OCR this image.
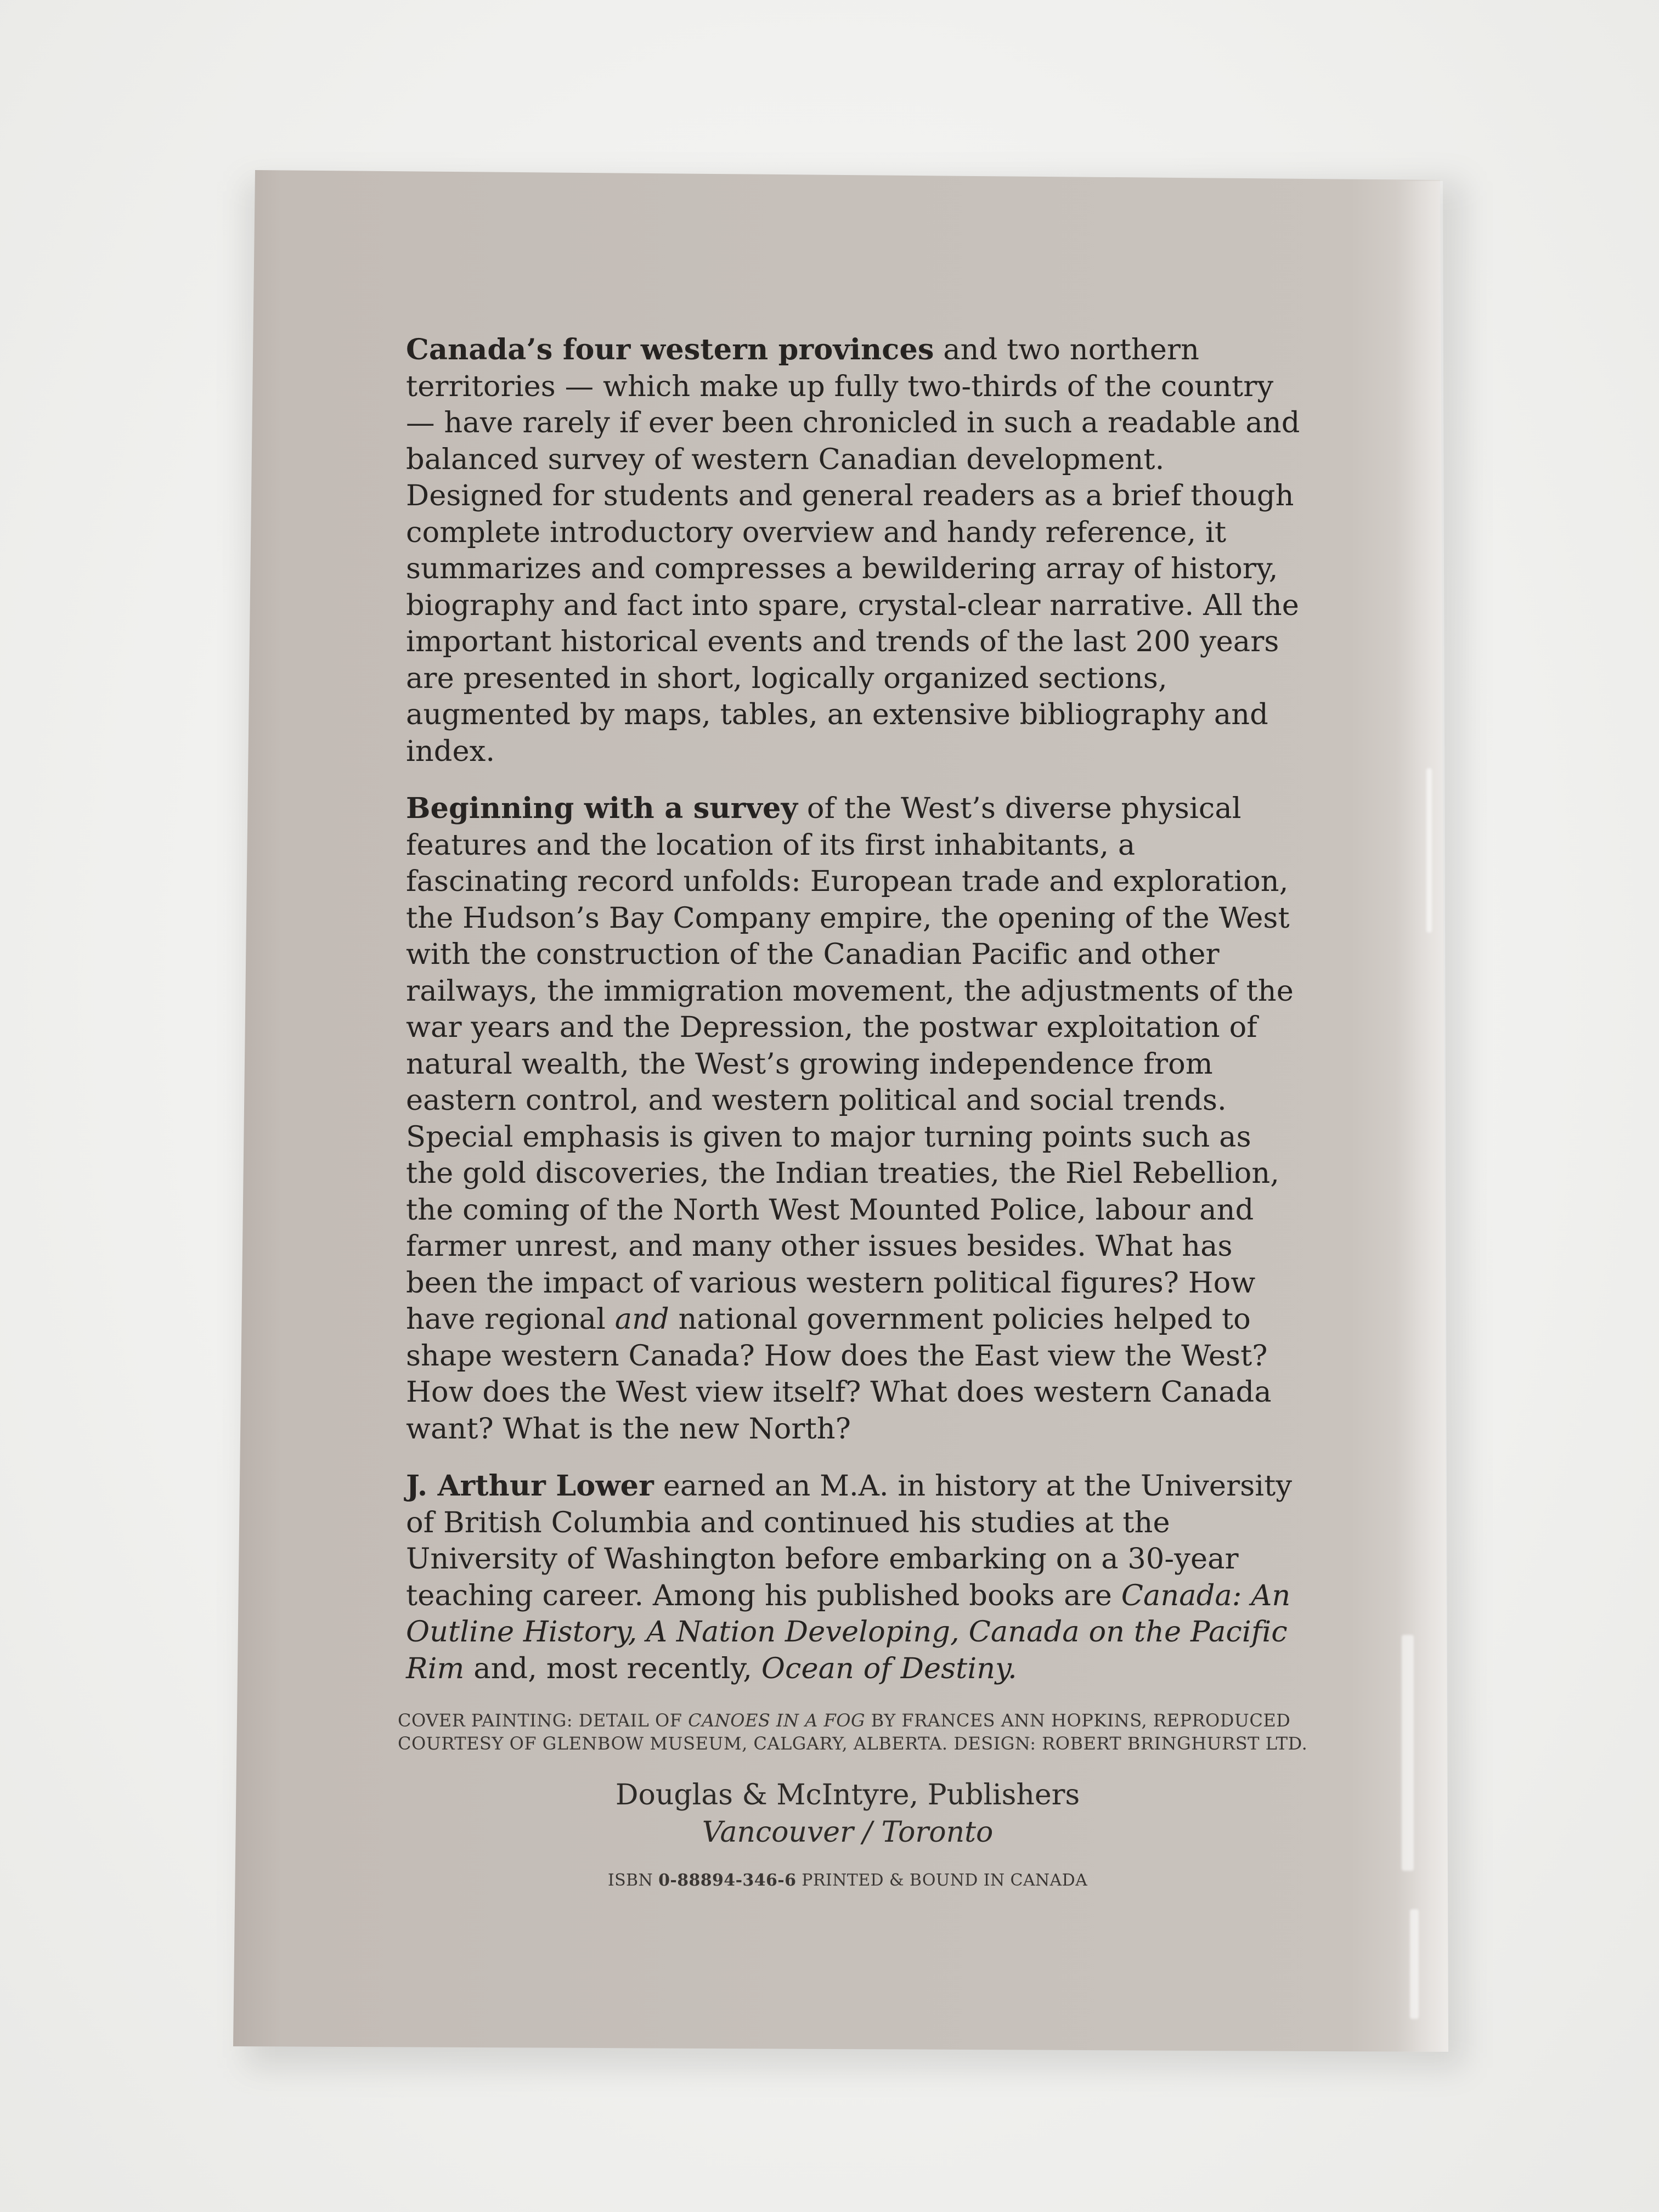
Canada’s four western provinces and two northern territories — which make up fully two-thirds of the country — have rarely if ever been chronicled in such a readable and balanced survey of western Canadian development. Designed for students and general readers as a brief though complete introductory overview and handy reference, it summarizes and compresses a bewildering array of history, biography and fact into spare, crystal-clear narrative. All the important historical events and trends of the last 200 years are presented in short, logically organized sections, augmented by maps, tables, an extensive bibliography and index.

Beginning with a survey of the West’s diverse physical features and the location of its first inhabitants, a fascinating record unfolds: European trade and exploration, the Hudson’s Bay Company empire, the opening of the West with the construction of the Canadian Pacific and other railways, the immigration movement, the adjustments of the war years and the Depression, the postwar exploitation of natural wealth, the West’s growing independence from eastern control, and western political and social trends. Special emphasis is given to major turning points such as the gold discoveries, the Indian treaties, the Riel Rebellion, the coming of the North West Mounted Police, labour and farmer unrest, and many other issues besides. What has been the impact of various western political figures? How have regional and national government policies helped to shape western Canada? How does the East view the West? How does the West view itself? What does western Canada want? What is the new North?

J. Arthur Lower earned an M.A. in history at the University of British Columbia and continued his studies at the University of Washington before embarking on a 30-year teaching career. Among his published books are Canada: An Outline History, A Nation Developing, Canada on the Pacific Rim and, most recently, Ocean of Destiny.

COVER PAINTING: DETAIL OF CANOES IN A FOG BY FRANCES ANN HOPKINS, REPRODUCED
COURTESY OF GLENBOW MUSEUM, CALGARY, ALBERTA. DESIGN: ROBERT BRINGHURST LTD.
Douglas & McIntyre, Publishers
Vancouver / Toronto
ISBN 0-88894-346-6 PRINTED & BOUND IN CANADA
